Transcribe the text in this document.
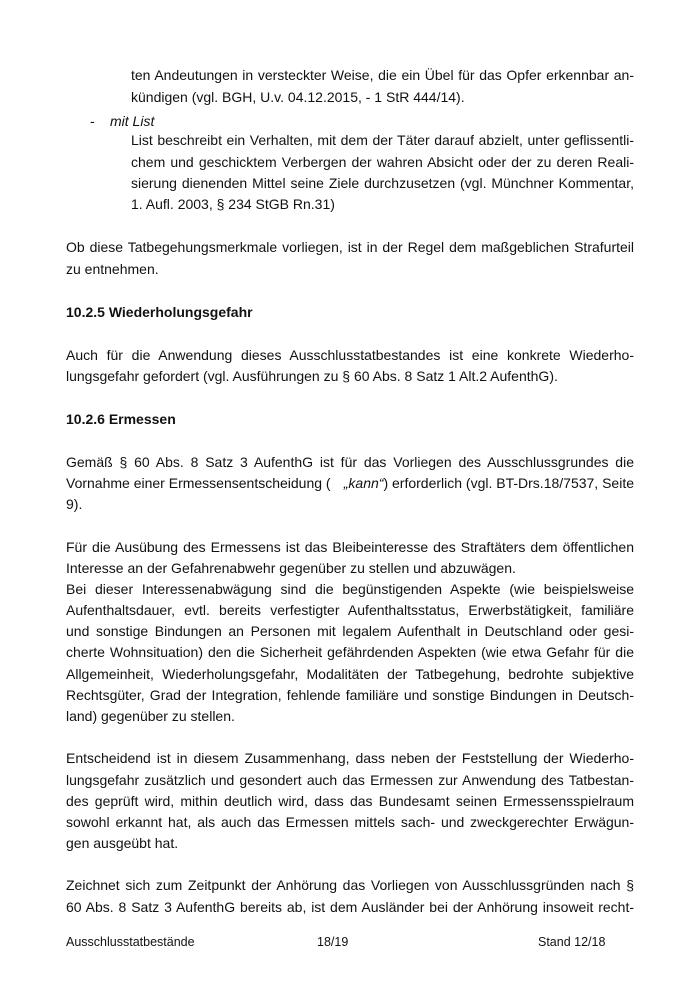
ten Andeutungen in versteckter Weise, die ein Übel für das Opfer erkennbar an-
kündigen (vgl. BGH, U.v. 04.12.2015, - 1 StR 444/14).
- mit List
List beschreibt ein Verhalten, mit dem der Täter darauf abzielt, unter geflissentli-
chem und geschicktem Verbergen der wahren Absicht oder der zu deren Reali-
sierung dienenden Mittel seine Ziele durchzusetzen (vgl. Münchner Kommentar,
1. Aufl. 2003, § 234 StGB Rn.31)
Ob diese Tatbegehungsmerkmale vorliegen, ist in der Regel dem maßgeblichen Strafurteil
zu entnehmen.
10.2.5 Wiederholungsgefahr
Auch für die Anwendung dieses Ausschlusstatbestandes ist eine konkrete Wiederho-
lungsgefahr gefordert (vgl. Ausführungen zu § 60 Abs. 8 Satz 1 Alt.2 AufenthG).
10.2.6 Ermessen
Gemäß § 60 Abs. 8 Satz 3 AufenthG ist für das Vorliegen des Ausschlussgrundes die
Vornahme einer Ermessensentscheidung ( „kann“) erforderlich (vgl. BT-Drs.18/7537, Seite
9).
Für die Ausübung des Ermessens ist das Bleibeinteresse des Straftäters dem öffentlichen
Interesse an der Gefahrenabwehr gegenüber zu stellen und abzuwägen.
Bei dieser Interessenabwägung sind die begünstigenden Aspekte (wie beispielsweise
Aufenthaltsdauer, evtl. bereits verfestigter Aufenthaltsstatus, Erwerbstätigkeit, familiäre
und sonstige Bindungen an Personen mit legalem Aufenthalt in Deutschland oder gesi-
cherte Wohnsituation) den die Sicherheit gefährdenden Aspekten (wie etwa Gefahr für die
Allgemeinheit, Wiederholungsgefahr, Modalitäten der Tatbegehung, bedrohte subjektive
Rechtsgüter, Grad der Integration, fehlende familiäre und sonstige Bindungen in Deutsch-
land) gegenüber zu stellen.
Entscheidend ist in diesem Zusammenhang, dass neben der Feststellung der Wiederho-
lungsgefahr zusätzlich und gesondert auch das Ermessen zur Anwendung des Tatbestan-
des geprüft wird, mithin deutlich wird, dass das Bundesamt seinen Ermessensspielraum
sowohl erkannt hat, als auch das Ermessen mittels sach- und zweckgerechter Erwägun-
gen ausgeübt hat.
Zeichnet sich zum Zeitpunkt der Anhörung das Vorliegen von Ausschlussgründen nach §
60 Abs. 8 Satz 3 AufenthG bereits ab, ist dem Ausländer bei der Anhörung insoweit recht-
Ausschlusstatbestände	18/19	Stand 12/18
